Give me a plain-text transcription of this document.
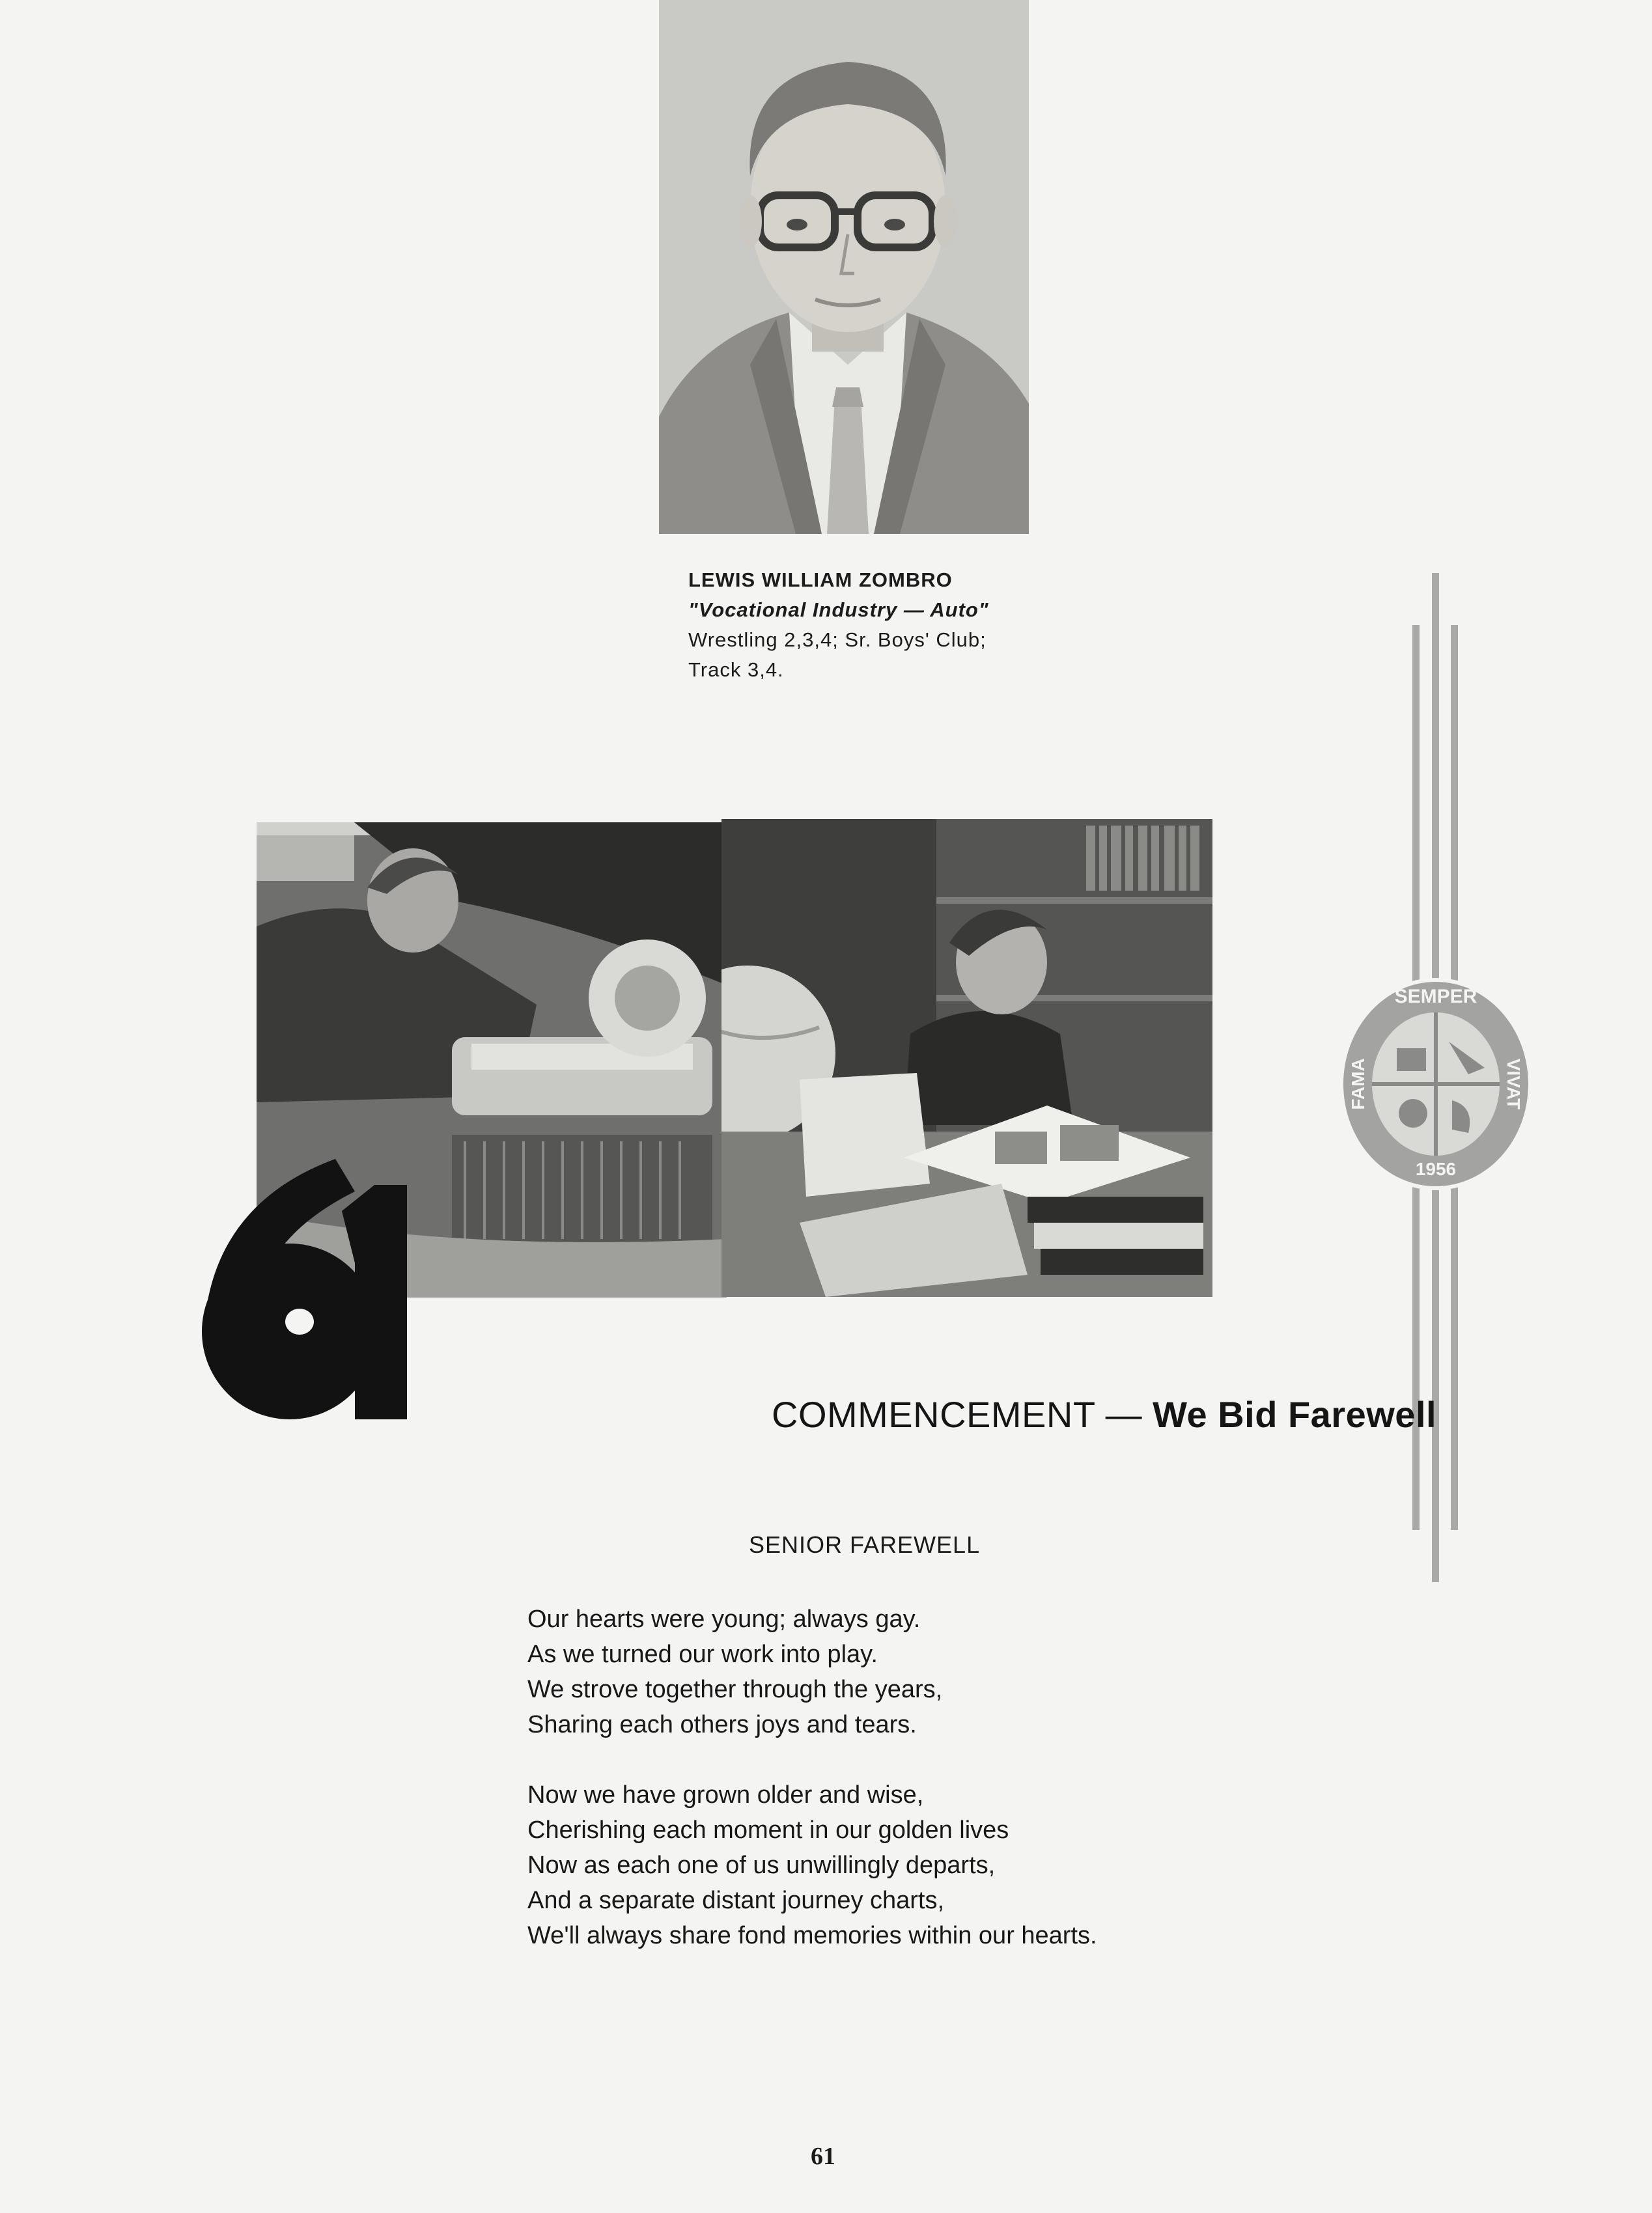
LEWIS WILLIAM ZOMBRO
"Vocational Industry — Auto"
Wrestling 2,3,4; Sr. Boys' Club;
Track 3,4.
SEMPER
FAMA	VIVAT
1956
COMMENCEMENT — We Bid Farewell
SENIOR FAREWELL
Our hearts were young; always gay.
As we turned our work into play.
We strove together through the years,
Sharing each others joys and tears.
Now we have grown older and wise,
Cherishing each moment in our golden lives
Now as each one of us unwillingly departs,
And a separate distant journey charts,
We'll always share fond memories within our hearts.
61
